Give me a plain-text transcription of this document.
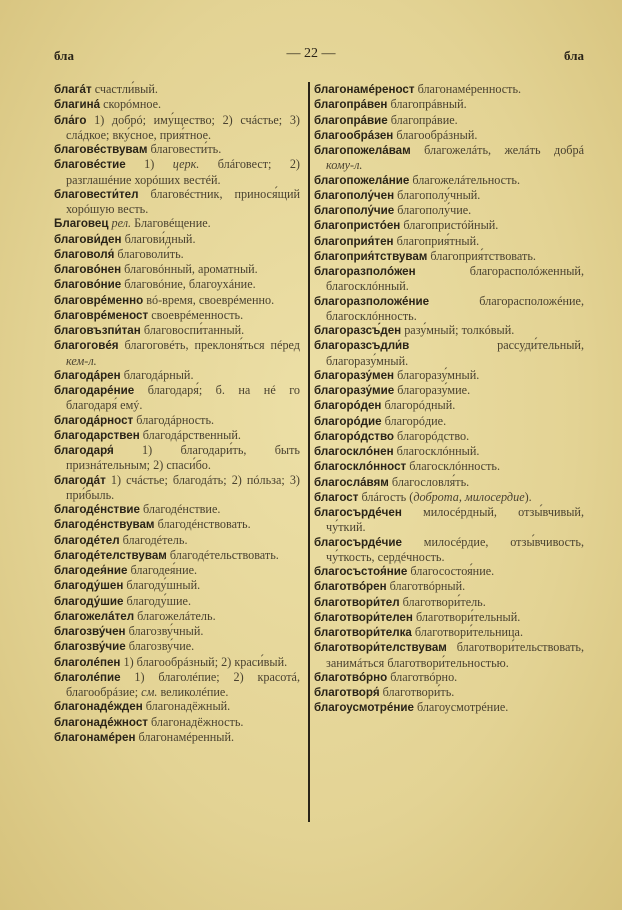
бла	— 22 —	бла
благáт счастли́вый.
благинá скорóмное.
бла́го 1) добрó; иму́щество; 2) счáстье; 3) слáдкое; вку́сное, прия́тное.
благовéствувам благовести́ть.
благовéстие 1) церк. блáговест; 2) разглашéние хорóших вестéй.
благовести́тел благовéстник, принося́щий хорóшую весть.
Благовец рел. Благовéщение.
благови́ден благови́дный.
благоволя́ благоволи́ть.
благовóнен благовóнный, ароматный.
благовóние благовóние, благоухáние.
благоврéменно вó-время, своеврéменно.
благоврéменост своеврéменность.
благовъзпи́тан благовоспи́танный.
благоговéя благоговéть, преклоня́ться пéред кем-л.
благодáрен благодáрный.
благодарéние благодаря́; б. на нé го благодаря́ емý.
благодáрност благодáрность.
благодарствен благодáрственный.
благодаря́ 1) благодари́ть, быть признáтельным; 2) спаси́бо.
благодáт 1) счáстье; благодáть; 2) пóльза; 3) при́быль.
благодéнствие благодéнствие.
благодéнствувам благодéнствовать.
благодéтел благодéтель.
благодéтелствувам благодéтельствовать.
благодея́ние благодея́ние.
благоду́шен благоду́шный.
благоду́шие благоду́шие.
благожелáтел благожелáтель.
благозву́чен благозву́чный.
благозву́чие благозву́чие.
благолéпен 1) благообрáзный; 2) краси́вый.
благолéпие 1) благолéпие; 2) красотá, благообрáзие; см. великолéпие.
благонадéжден благонадёжный.
благонадéжност благонадёжность.
благонамéрен благонамéренный.
благонамéреност благонамéренность.
благопрáвен благопрáвный.
благопрáвие благопрáвие.
благообрáзен благообрáзный.
благопожелáвам благожелáть, желáть добрá кому-л.
благопожелáние благожелáтельность.
благополу́чен благополу́чный.
благополу́чие благополу́чие.
благопристóен благопристóйный.
благоприя́тен благоприя́тный.
благоприя́тствувам благоприя́тствовать.
благоразполóжен благорасполóженный, благосклóнный.
благоразположéние благорасположéние, благосклóнность.
благоразсъ́ден разу́мный; толкóвый.
благоразсъдли́в рассуди́тельный, благоразу́мный.
благоразу́мен благоразу́мный.
благоразу́мие благоразу́мие.
благорóден благорóдный.
благорóдие благорóдие.
благорóдство благорóдство.
благосклóнен благосклóнный.
благосклóнност благосклóнность.
благослáвям благословля́ть.
благост блáгость (доброта, милосердие).
благосърдéчен милосéрдный, отзы́вчивый, чу́ткий.
благосърдéчие милосéрдие, отзы́вчивость, чу́ткость, сердéчность.
благосъстоя́ние благосостоя́ние.
благотвóрен благотвóрный.
благотвори́тел благотвори́тель.
благотвори́телен благотвори́тельный.
благотвори́телка благотвори́тельница.
благотвори́телствувам благотвори́тельствовать, занимáться благотвори́тельностью.
благотвóрно благотвóрно.
благотворя́ благотвори́ть.
благоусмотрéние благоусмотрéние.
